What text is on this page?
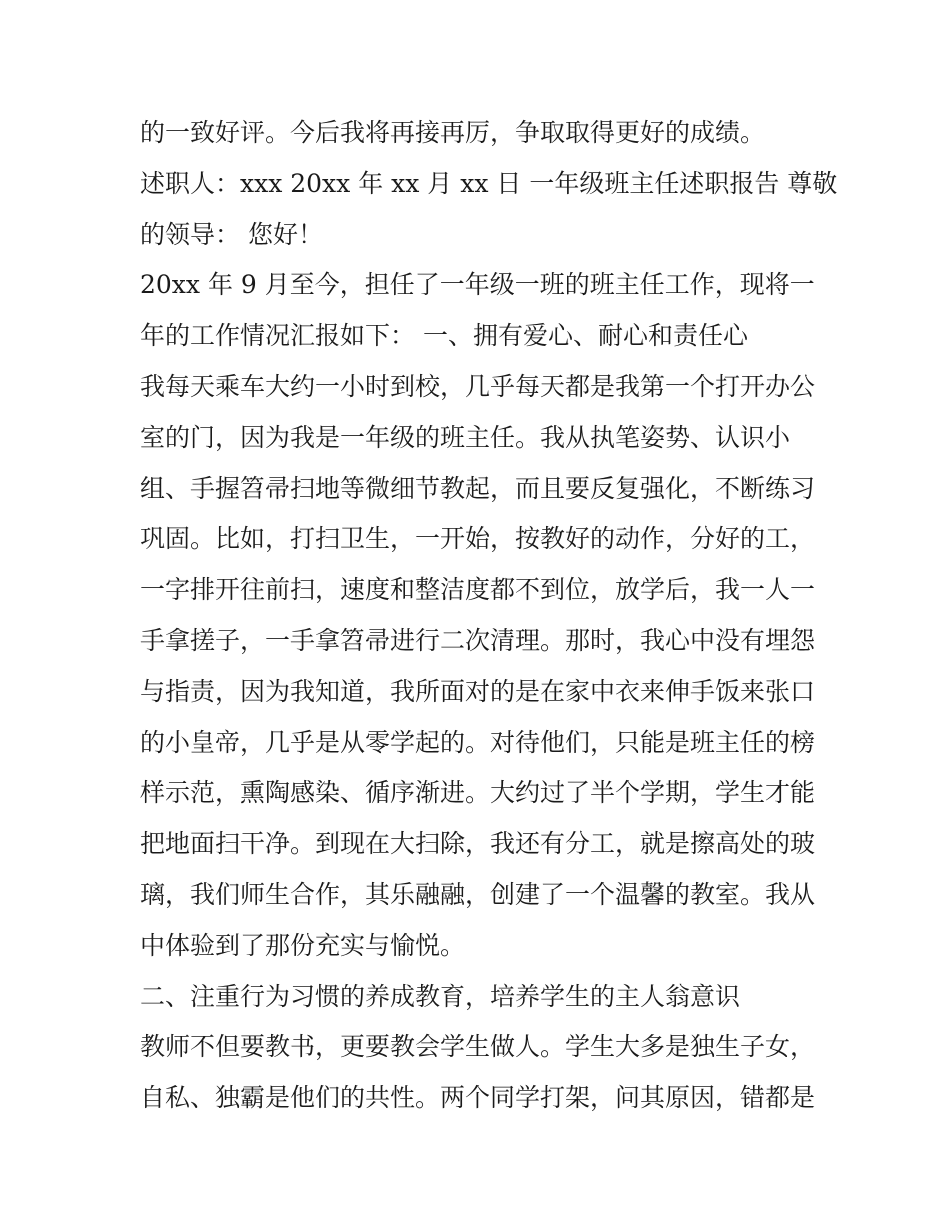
的一致好评。今后我将再接再厉，争取取得更好的成绩。
述职人：xxx 20xx 年 xx 月 xx 日 一年级班主任述职报告 尊敬
的领导： 您好！
20xx 年 9 月至今，担任了一年级一班的班主任工作，现将一
年的工作情况汇报如下： 一、拥有爱心、耐心和责任心
我每天乘车大约一小时到校，几乎每天都是我第一个打开办公
室的门，因为我是一年级的班主任。我从执笔姿势、认识小
组、手握笤帚扫地等微细节教起，而且要反复强化，不断练习
巩固。比如，打扫卫生，一开始，按教好的动作，分好的工，
一字排开往前扫，速度和整洁度都不到位，放学后，我一人一
手拿搓子，一手拿笤帚进行二次清理。那时，我心中没有埋怨
与指责，因为我知道，我所面对的是在家中衣来伸手饭来张口
的小皇帝，几乎是从零学起的。对待他们，只能是班主任的榜
样示范，熏陶感染、循序渐进。大约过了半个学期，学生才能
把地面扫干净。到现在大扫除，我还有分工，就是擦高处的玻
璃，我们师生合作，其乐融融，创建了一个温馨的教室。我从
中体验到了那份充实与愉悦。
二、注重行为习惯的养成教育，培养学生的主人翁意识
教师不但要教书，更要教会学生做人。学生大多是独生子女，
自私、独霸是他们的共性。两个同学打架，问其原因，错都是
